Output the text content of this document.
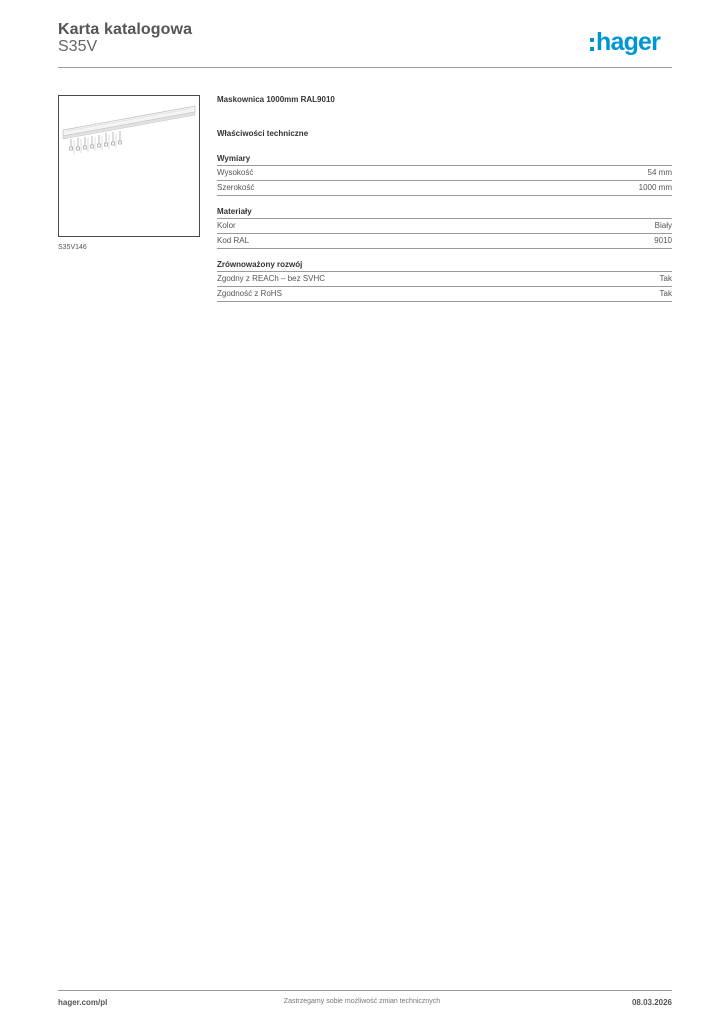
Karta katalogowa
S35V	hager
S35V146
Maskownica 1000mm RAL9010
Właściwości techniczne
Wymiary
Wysokość	54 mm
Szerokość	1000 mm
Materiały
Kolor	Biały
Kod RAL	9010
Zrównoważony rozwój
Zgodny z REACh – bez SVHC	Tak
Zgodność z RoHS	Tak
hager.com/pl	Zastrzegamy sobie możliwość zmian technicznych	08.03.2026
